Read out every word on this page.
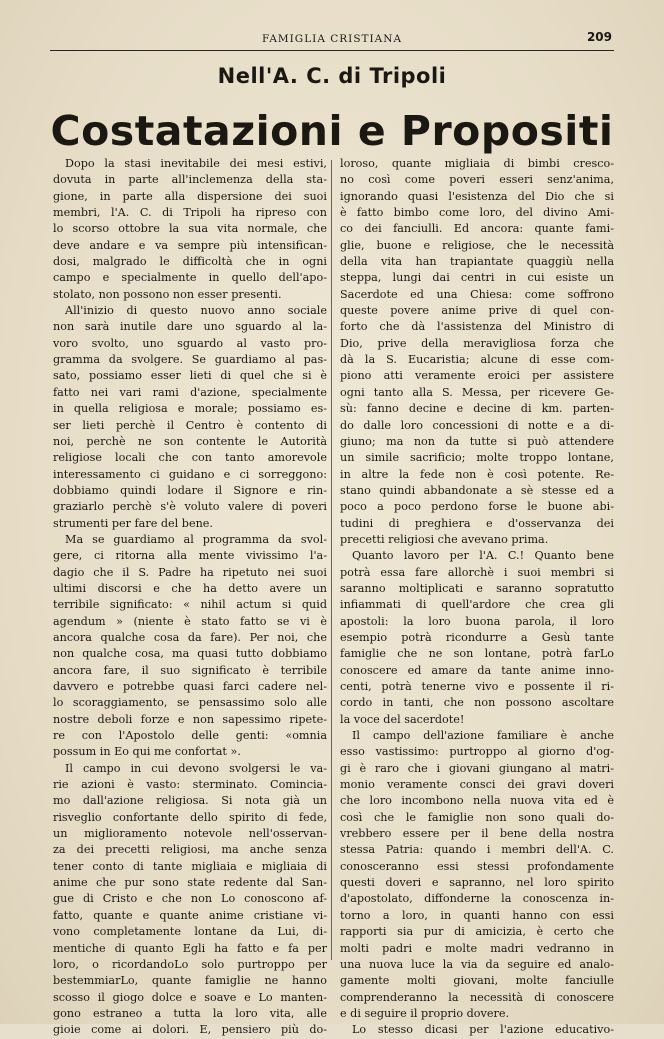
FAMIGLIA CRISTIANA	209
Nell'A. C. di Tripoli
Costatazioni e Propositi
Dopo la stasi inevitabile dei mesi estivi,
dovuta in parte all'inclemenza della sta-
gione, in parte alla dispersione dei suoi
membri, l'A. C. di Tripoli ha ripreso con
lo scorso ottobre la sua vita normale, che
deve andare e va sempre più intensifican-
dosi, malgrado le difficoltà che in ogni
campo e specialmente in quello dell'apo-
stolato, non possono non esser presenti.
All'inizio di questo nuovo anno sociale
non sarà inutile dare uno sguardo al la-
voro svolto, uno sguardo al vasto pro-
gramma da svolgere. Se guardiamo al pas-
sato, possiamo esser lieti di quel che si è
fatto nei vari rami d'azione, specialmente
in quella religiosa e morale; possiamo es-
ser lieti perchè il Centro è contento di
noi, perchè ne son contente le Autorità
religiose locali che con tanto amorevole
interessamento ci guidano e ci sorreggono:
dobbiamo quindi lodare il Signore e rin-
graziarlo perchè s'è voluto valere di poveri
strumenti per fare del bene.
Ma se guardiamo al programma da svol-
gere, ci ritorna alla mente vivissimo l'a-
dagio che il S. Padre ha ripetuto nei suoi
ultimi discorsi e che ha detto avere un
terribile significato: « nihil actum si quid
agendum » (niente è stato fatto se vi è
ancora qualche cosa da fare). Per noi, che
non qualche cosa, ma quasi tutto dobbiamo
ancora fare, il suo significato è terribile
davvero e potrebbe quasi farci cadere nel-
lo scoraggiamento, se pensassimo solo alle
nostre deboli forze e non sapessimo ripete-
re con l'Apostolo delle genti: «omnia
possum in Eo qui me confortat ».
Il campo in cui devono svolgersi le va-
rie azioni è vasto: sterminato. Comincia-
mo dall'azione religiosa. Si nota già un
risveglio confortante dello spirito di fede,
un miglioramento notevole nell'osservan-
za dei precetti religiosi, ma anche senza
tener conto di tante migliaia e migliaia di
anime che pur sono state redente dal San-
gue di Cristo e che non Lo conoscono af-
fatto, quante e quante anime cristiane vi-
vono completamente lontane da Lui, di-
mentiche di quanto Egli ha fatto e fa per
loro, o ricordandoLo solo purtroppo per
bestemmiarLo, quante famiglie ne hanno
scosso il giogo dolce e soave e Lo manten-
gono estraneo a tutta la loro vita, alle
gioie come ai dolori. E, pensiero più do-
loroso, quante migliaia di bimbi cresco-
no così come poveri esseri senz'anima,
ignorando quasi l'esistenza del Dio che si
è fatto bimbo come loro, del divino Ami-
co dei fanciulli. Ed ancora: quante fami-
glie, buone e religiose, che le necessità
della vita han trapiantate quaggiù nella
steppa, lungi dai centri in cui esiste un
Sacerdote ed una Chiesa: come soffrono
queste povere anime prive di quel con-
forto che dà l'assistenza del Ministro di
Dio, prive della meravigliosa forza che
dà la S. Eucaristia; alcune di esse com-
piono atti veramente eroici per assistere
ogni tanto alla S. Messa, per ricevere Ge-
sù: fanno decine e decine di km. parten-
do dalle loro concessioni di notte e a di-
giuno; ma non da tutte si può attendere
un simile sacrificio; molte troppo lontane,
in altre la fede non è così potente. Re-
stano quindi abbandonate a sè stesse ed a
poco a poco perdono forse le buone abi-
tudini di preghiera e d'osservanza dei
precetti religiosi che avevano prima.
Quanto lavoro per l'A. C.! Quanto bene
potrà essa fare allorchè i suoi membri si
saranno moltiplicati e saranno sopratutto
infiammati di quell'ardore che crea gli
apostoli: la loro buona parola, il loro
esempio potrà ricondurre a Gesù tante
famiglie che ne son lontane, potrà farLo
conoscere ed amare da tante anime inno-
centi, potrà tenerne vivo e possente il ri-
cordo in tanti, che non possono ascoltare
la voce del sacerdote!
Il campo dell'azione familiare è anche
esso vastissimo: purtroppo al giorno d'og-
gi è raro che i giovani giungano al matri-
monio veramente consci dei gravi doveri
che loro incombono nella nuova vita ed è
così che le famiglie non sono quali do-
vrebbero essere per il bene della nostra
stessa Patria: quando i membri dell'A. C.
conosceranno essi stessi profondamente
questi doveri e sapranno, nel loro spirito
d'apostolato, diffonderne la conoscenza in-
torno a loro, in quanti hanno con essi
rapporti sia pur di amicizia, è certo che
molti padri e molte madri vedranno in
una nuova luce la via da seguire ed analo-
gamente molti giovani, molte fanciulle
comprenderanno la necessità di conoscere
e di seguire il proprio dovere.
Lo stesso dicasi per l'azione educativo-
